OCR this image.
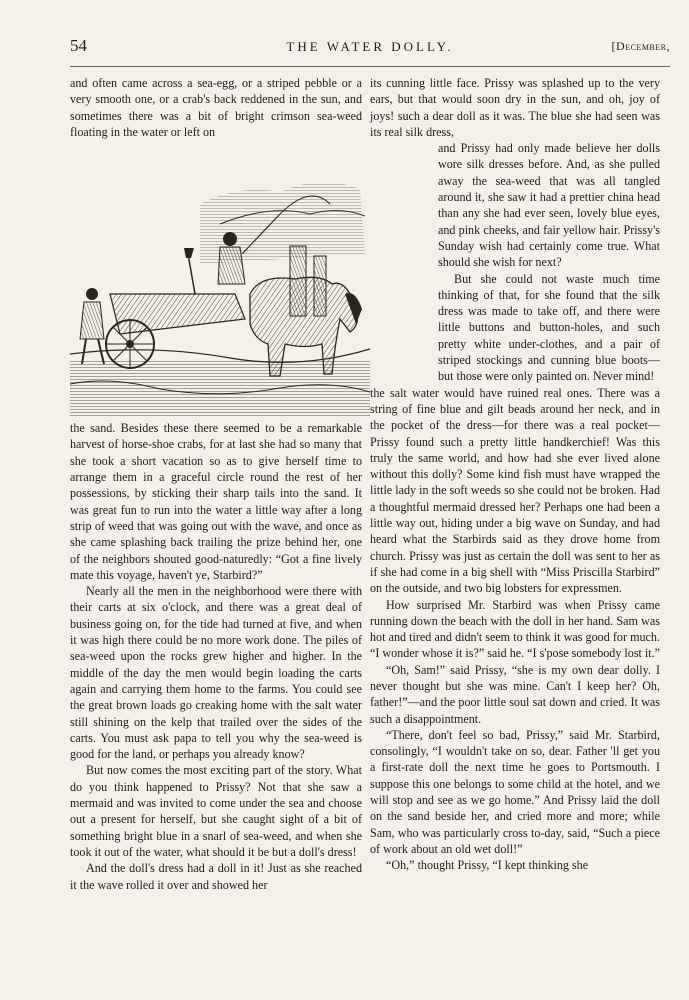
54	THE WATER DOLLY.	[December,

and often came across a sea-egg, or a striped pebble or a very smooth one, or a crab's back reddened in the sun, and sometimes there was a bit of bright crimson sea-weed floating in the water or left on

the sand. Besides these there seemed to be a remarkable harvest of horse-shoe crabs, for at last she had so many that she took a short vacation so as to give herself time to arrange them in a graceful circle round the rest of her possessions, by sticking their sharp tails into the sand. It was great fun to run into the water a little way after a long strip of weed that was going out with the wave, and once as she came splashing back trailing the prize behind her, one of the neighbors shouted good-naturedly: “Got a fine lively mate this voyage, haven't ye, Starbird?”

Nearly all the men in the neighborhood were there with their carts at six o'clock, and there was a great deal of business going on, for the tide had turned at five, and when it was high there could be no more work done. The piles of sea-weed upon the rocks grew higher and higher. In the middle of the day the men would begin loading the carts again and carrying them home to the farms. You could see the great brown loads go creaking home with the salt water still shining on the kelp that trailed over the sides of the carts. You must ask papa to tell you why the sea-weed is good for the land, or perhaps you already know?

But now comes the most exciting part of the story. What do you think happened to Prissy? Not that she saw a mermaid and was invited to come under the sea and choose out a present for herself, but she caught sight of a bit of something bright blue in a snarl of sea-weed, and when she took it out of the water, what should it be but a doll's dress!

And the doll's dress had a doll in it! Just as she reached it the wave rolled it over and showed her

its cunning little face. Prissy was splashed up to the very ears, but that would soon dry in the sun, and oh, joy of joys! such a dear doll as it was. The blue she had seen was its real silk dress,

and Prissy had only made believe her dolls wore silk dresses before. And, as she pulled away the sea-weed that was all tangled around it, she saw it had a prettier china head than any she had ever seen, lovely blue eyes, and pink cheeks, and fair yellow hair. Prissy's Sunday wish had certainly come true. What should she wish for next?

But she could not waste much time thinking of that, for she found that the silk dress was made to take off, and there were little buttons and button-holes, and such pretty white under-clothes, and a pair of striped stockings and cunning blue boots—but those were only painted on. Never mind!

the salt water would have ruined real ones. There was a string of fine blue and gilt beads around her neck, and in the pocket of the dress—for there was a real pocket—Prissy found such a pretty little handkerchief! Was this truly the same world, and how had she ever lived alone without this dolly? Some kind fish must have wrapped the little lady in the soft weeds so she could not be broken. Had a thoughtful mermaid dressed her? Perhaps one had been a little way out, hiding under a big wave on Sunday, and had heard what the Starbirds said as they drove home from church. Prissy was just as certain the doll was sent to her as if she had come in a big shell with “Miss Priscilla Starbird” on the outside, and two big lobsters for expressmen.

How surprised Mr. Starbird was when Prissy came running down the beach with the doll in her hand. Sam was hot and tired and didn't seem to think it was good for much. “I wonder whose it is?” said he. “I s'pose somebody lost it.”

“Oh, Sam!” said Prissy, “she is my own dear dolly. I never thought but she was mine. Can't I keep her? Oh, father!”—and the poor little soul sat down and cried. It was such a disappointment.

“There, don't feel so bad, Prissy,” said Mr. Starbird, consolingly, “I wouldn't take on so, dear. Father 'll get you a first-rate doll the next time he goes to Portsmouth. I suppose this one belongs to some child at the hotel, and we will stop and see as we go home.” And Prissy laid the doll on the sand beside her, and cried more and more; while Sam, who was particularly cross to-day, said, “Such a piece of work about an old wet doll!”

“Oh,” thought Prissy, “I kept thinking she
